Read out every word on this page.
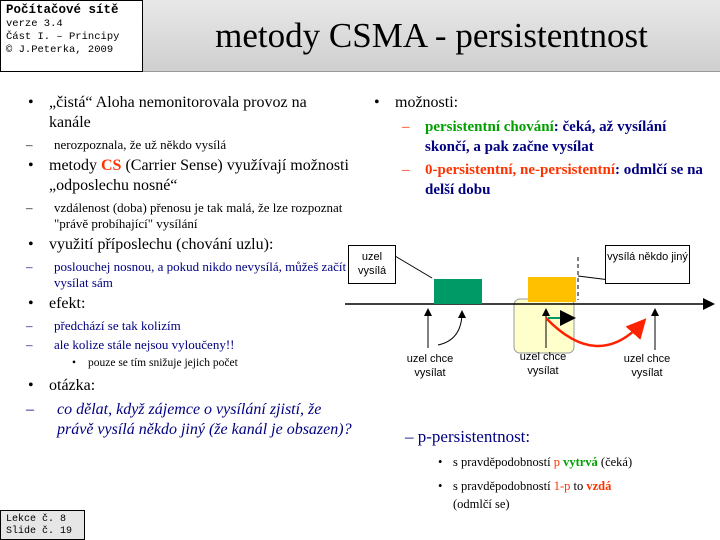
Počítačové sítě
verze 3.4
Část I. – Principy
© J.Peterka, 2009	metody CSMA - persistentnost
• „čistá“ Aloha nemonitorovala provoz na kanále
– nerozpoznala, že už někdo vysílá
• metody CS (Carrier Sense) využívají možnosti „odposlechu nosné“
– vzdálenost (doba) přenosu je tak malá, že lze rozpoznat "právě probíhající" vysílání
• využití příposlechu (chování uzlu):
– poslouchej nosnou, a pokud nikdo nevysílá, můžeš začít vysílat sám
• efekt:
– předchází se tak kolizím
– ale kolize stále nejsou vyloučeny!!
• pouze se tím snižuje jejich počet
• otázka:
– co dělat, když zájemce o vysílání zjistí, že právě vysílá někdo jiný (že kanál je obsazen)?
• možnosti:
– persistentní chování: čeká, až vysílání skončí, a pak začne vysílat
– 0-persistentní, ne-persistentní: odmlčí se na delší dobu
uzel vysílá
vysílá někdo jiný
uzel chce vysílat
uzel chce vysílat
uzel chce vysílat
– p-persistentnost:
• s pravděpodobností p vytrvá (čeká)
• s pravděpodobností 1-p to vzdá
(odmlčí se)
Lekce č. 8
Slide č. 19
